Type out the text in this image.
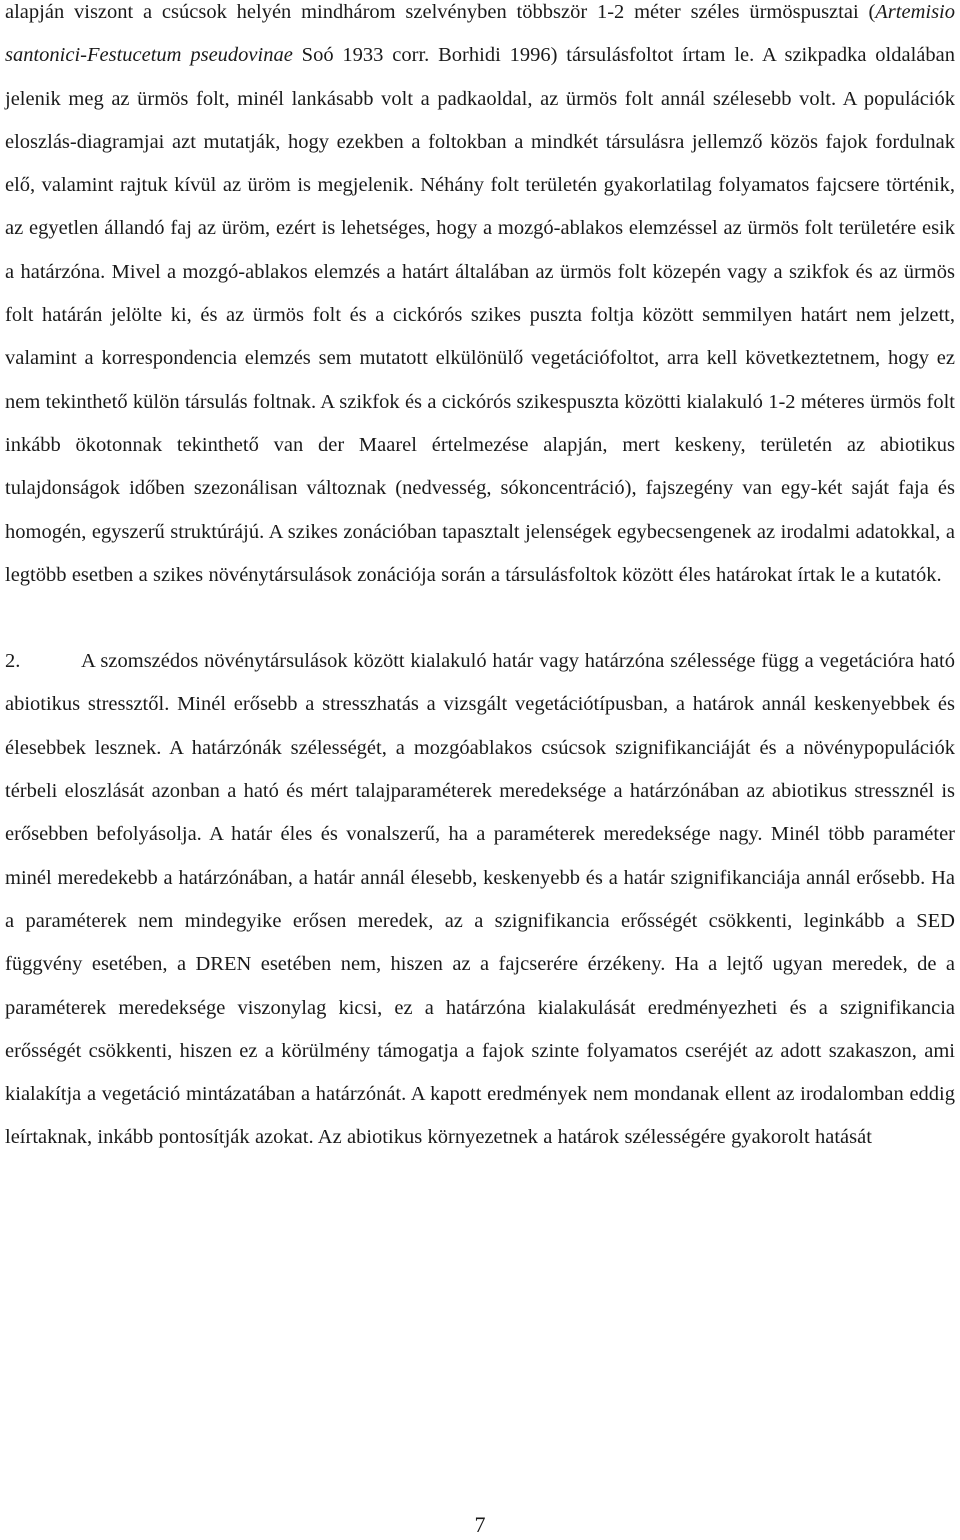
alapján viszont a csúcsok helyén mindhárom szelvényben többször 1-2 méter széles ürmöspusztai (Artemisio santonici-Festucetum pseudovinae Soó 1933 corr. Borhidi 1996) társulásfoltot írtam le. A szikpadka oldalában jelenik meg az ürmös folt, minél lankásabb volt a padkaoldal, az ürmös folt annál szélesebb volt. A populációk eloszlás-diagramjai azt mutatják, hogy ezekben a foltokban a mindkét társulásra jellemző közös fajok fordulnak elő, valamint rajtuk kívül az üröm is megjelenik. Néhány folt területén gyakorlatilag folyamatos fajcsere történik, az egyetlen állandó faj az üröm, ezért is lehetséges, hogy a mozgó-ablakos elemzéssel az ürmös folt területére esik a határzóna. Mivel a mozgó-ablakos elemzés a határt általában az ürmös folt közepén vagy a szikfok és az ürmös folt határán jelölte ki, és az ürmös folt és a cickórós szikes puszta foltja között semmilyen határt nem jelzett, valamint a korrespondencia elemzés sem mutatott elkülönülő vegetációfoltot, arra kell következtetnem, hogy ez nem tekinthető külön társulás foltnak. A szikfok és a cickórós szikespuszta közötti kialakuló 1-2 méteres ürmös folt inkább ökotonnak tekinthető van der Maarel értelmezése alapján, mert keskeny, területén az abiotikus tulajdonságok időben szezonálisan változnak (nedvesség, sókoncentráció), fajszegény van egy-két saját faja és homogén, egyszerű struktúrájú. A szikes zonációban tapasztalt jelenségek egybecsengenek az irodalmi adatokkal, a legtöbb esetben a szikes növénytársulások zonációja során a társulásfoltok között éles határokat írtak le a kutatók.

2.	A szomszédos növénytársulások között kialakuló határ vagy határzóna szélessége függ a vegetációra ható abiotikus stressztől. Minél erősebb a stresszhatás a vizsgált vegetációtípusban, a határok annál keskenyebbek és élesebbek lesznek. A határzónák szélességét, a mozgóablakos csúcsok szignifikanciáját és a növénypopulációk térbeli eloszlását azonban a ható és mért talajparaméterek meredeksége a határzónában az abiotikus stressznél is erősebben befolyásolja. A határ éles és vonalszerű, ha a paraméterek meredeksége nagy. Minél több paraméter minél meredekebb a határzónában, a határ annál élesebb, keskenyebb és a határ szignifikanciája annál erősebb. Ha a paraméterek nem mindegyike erősen meredek, az a szignifikancia erősségét csökkenti, leginkább a SED függvény esetében, a DREN esetében nem, hiszen az a fajcserére érzékeny. Ha a lejtő ugyan meredek, de a paraméterek meredeksége viszonylag kicsi, ez a határzóna kialakulását eredményezheti és a szignifikancia erősségét csökkenti, hiszen ez a körülmény támogatja a fajok szinte folyamatos cseréjét az adott szakaszon, ami kialakítja a vegetáció mintázatában a határzónát. A kapott eredmények nem mondanak ellent az irodalomban eddig leírtaknak, inkább pontosítják azokat. Az abiotikus környezetnek a határok szélességére gyakorolt hatását

7
